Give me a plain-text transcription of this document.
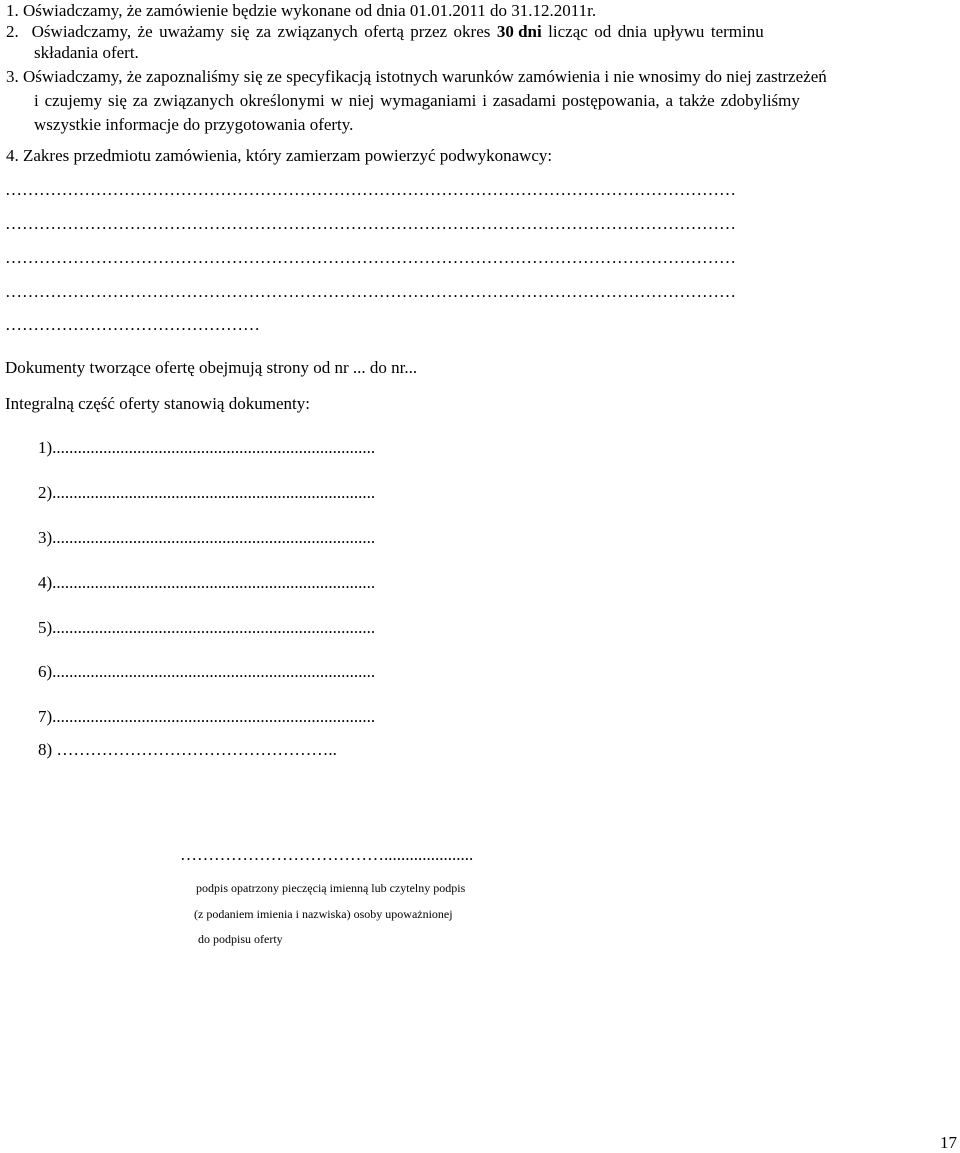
1. Oświadczamy, że zamówienie będzie wykonane od dnia 01.01.2011 do 31.12.2011r.
2.  Oświadczamy, że uważamy się za związanych ofertą przez okres 30 dni licząc od dnia upływu terminu
składania ofert.
3. Oświadczamy, że zapoznaliśmy się ze specyfikacją istotnych warunków zamówienia i nie wnosimy do niej zastrzeżeń
i czujemy się za związanych określonymi w niej wymaganiami i zasadami postępowania, a także zdobyliśmy
wszystkie informacje do przygotowania oferty.
4. Zakres przedmiotu zamówienia, który zamierzam powierzyć podwykonawcy:
…………………………………………………………………………………………………………………
…………………………………………………………………………………………………………………
…………………………………………………………………………………………………………………
…………………………………………………………………………………………………………………
………………………………………
Dokumenty tworzące ofertę obejmują strony od nr ... do nr...
Integralną część oferty stanowią dokumenty:
1)............................................................................
2)............................................................................
3)............................................................................
4)............................................................................
5)............................................................................
6)............................................................................
7)............................................................................
8) …………………………………………..
……………………………….....................
podpis opatrzony pieczęcią imienną lub czytelny podpis
(z podaniem imienia i nazwiska) osoby upoważnionej
do podpisu oferty
17
